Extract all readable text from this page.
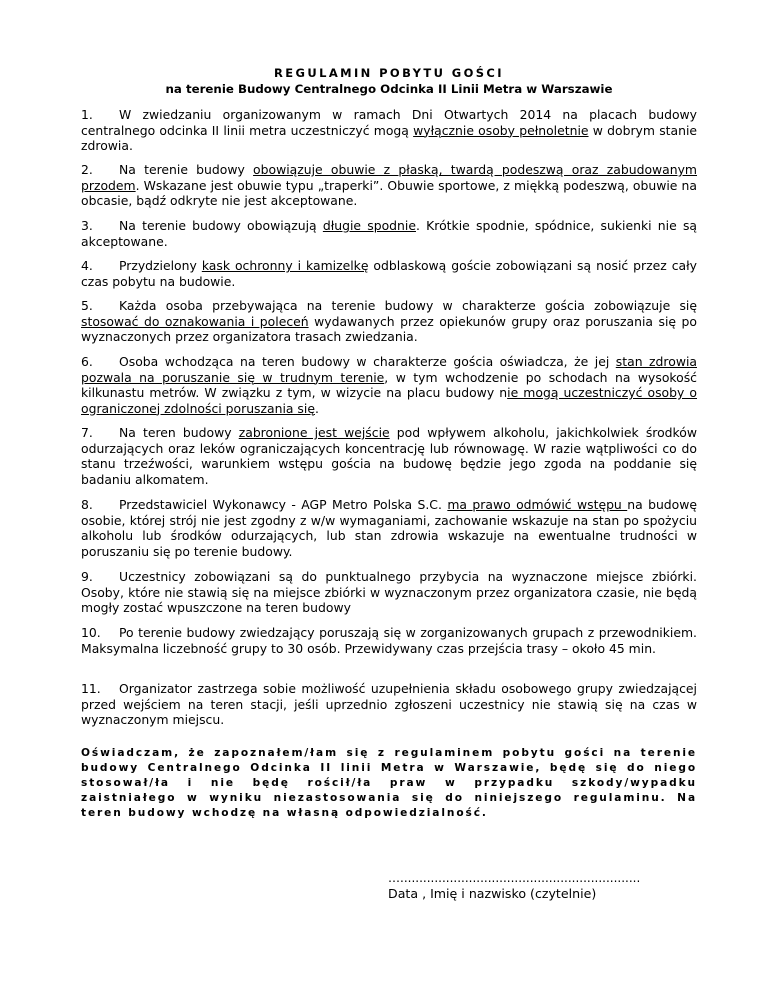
REGULAMIN POBYTU GOŚCI
na terenie Budowy Centralnego Odcinka II Linii Metra w Warszawie
1. W zwiedzaniu organizowanym w ramach Dni Otwartych 2014 na placach budowy centralnego odcinka II linii metra uczestniczyć mogą wyłącznie osoby pełnoletnie w dobrym stanie zdrowia.
2. Na terenie budowy obowiązuje obuwie z płaską, twardą podeszwą oraz zabudowanym przodem. Wskazane jest obuwie typu „traperki”. Obuwie sportowe, z miękką podeszwą, obuwie na obcasie, bądź odkryte nie jest akceptowane.
3. Na terenie budowy obowiązują długie spodnie. Krótkie spodnie, spódnice, sukienki nie są akceptowane.
4. Przydzielony kask ochronny i kamizelkę odblaskową goście zobowiązani są nosić przez cały czas pobytu na budowie.
5. Każda osoba przebywająca na terenie budowy w charakterze gościa zobowiązuje się stosować do oznakowania i poleceń wydawanych przez opiekunów grupy oraz poruszania się po wyznaczonych przez organizatora trasach zwiedzania.
6. Osoba wchodząca na teren budowy w charakterze gościa oświadcza, że jej stan zdrowia pozwala na poruszanie się w trudnym terenie, w tym wchodzenie po schodach na wysokość kilkunastu metrów. W związku z tym, w wizycie na placu budowy nie mogą uczestniczyć osoby o ograniczonej zdolności poruszania się.
7. Na teren budowy zabronione jest wejście pod wpływem alkoholu, jakichkolwiek środków odurzających oraz leków ograniczających koncentrację lub równowagę. W razie wątpliwości co do stanu trzeźwości, warunkiem wstępu gościa na budowę będzie jego zgoda na poddanie się badaniu alkomatem.
8. Przedstawiciel Wykonawcy - AGP Metro Polska S.C. ma prawo odmówić wstępu na budowę osobie, której strój nie jest zgodny z w/w wymaganiami, zachowanie wskazuje na stan po spożyciu alkoholu lub środków odurzających, lub stan zdrowia wskazuje na ewentualne trudności w poruszaniu się po terenie budowy.
9. Uczestnicy zobowiązani są do punktualnego przybycia na wyznaczone miejsce zbiórki. Osoby, które nie stawią się na miejsce zbiórki w wyznaczonym przez organizatora czasie, nie będą mogły zostać wpuszczone na teren budowy
10. Po terenie budowy zwiedzający poruszają się w zorganizowanych grupach z przewodnikiem. Maksymalna liczebność grupy to 30 osób. Przewidywany czas przejścia trasy – około 45 min.
11. Organizator zastrzega sobie możliwość uzupełnienia składu osobowego grupy zwiedzającej przed wejściem na teren stacji, jeśli uprzednio zgłoszeni uczestnicy nie stawią się na czas w wyznaczonym miejscu.
Oświadczam, że zapoznałem/łam się z regulaminem pobytu gości na terenie budowy Centralnego Odcinka II linii Metra w Warszawie, będę się do niego stosował/ła i nie będę rościł/ła praw w przypadku szkody/wypadku zaistniałego w wyniku niezastosowania się do niniejszego regulaminu. Na teren budowy wchodzę na własną odpowiedzialność.
…...............................................................
Data , Imię i nazwisko (czytelnie)
